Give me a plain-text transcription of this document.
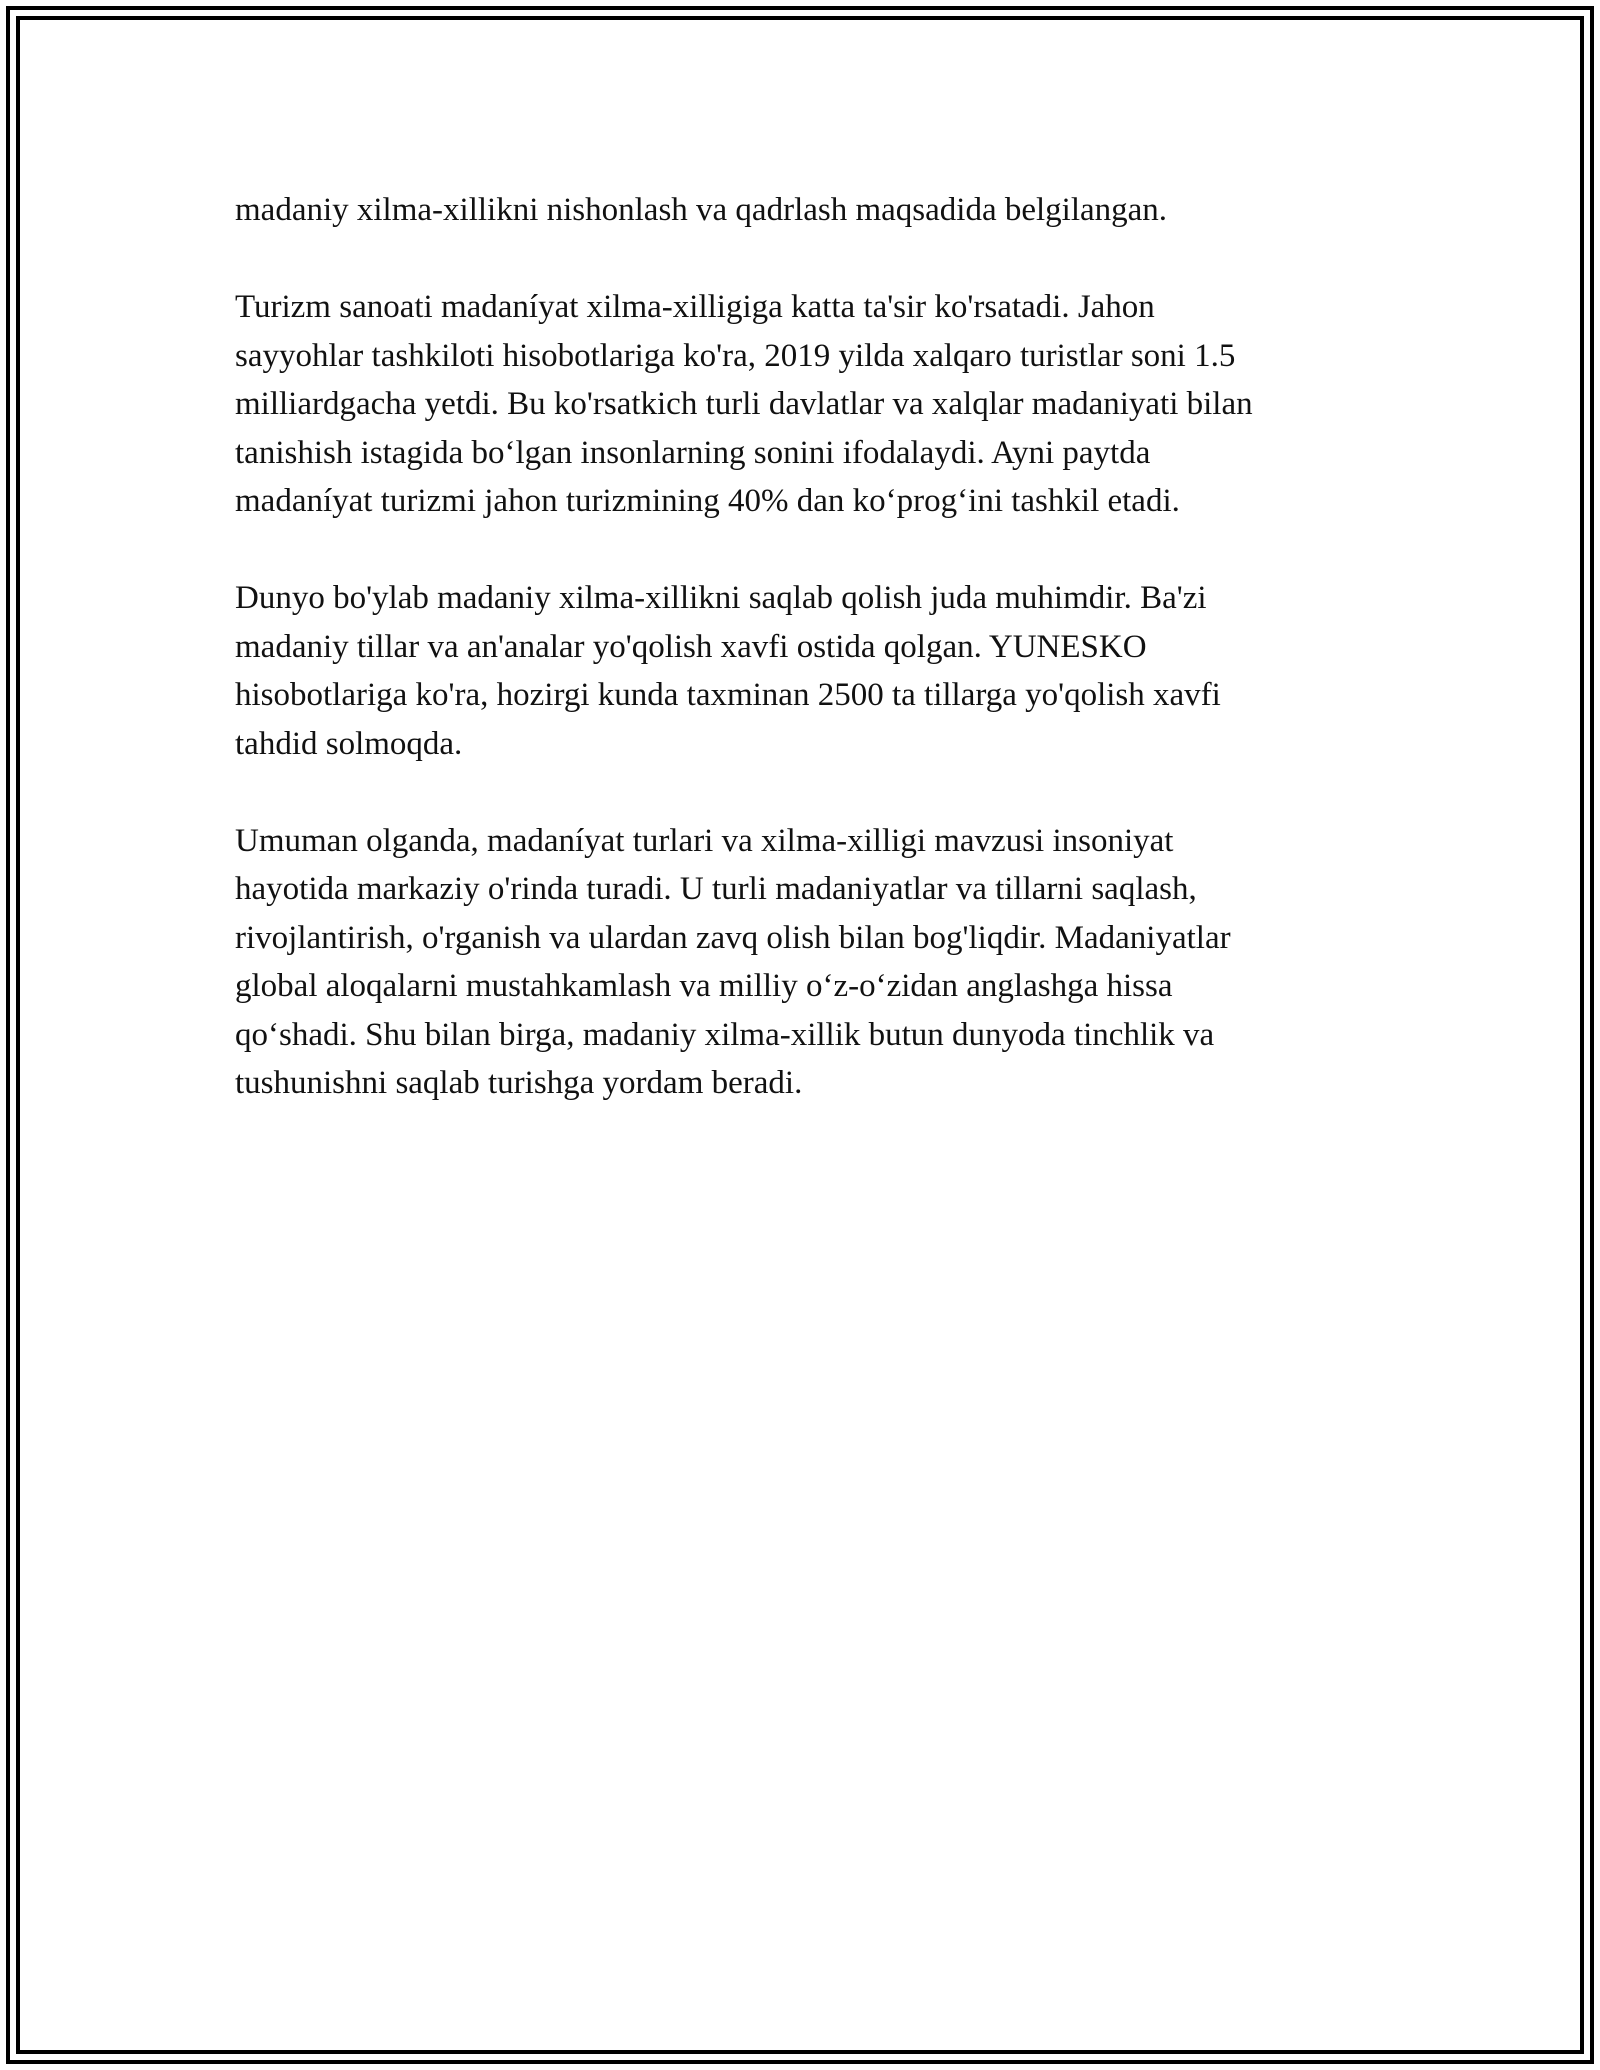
madaniy xilma-xillikni nishonlash va qadrlash maqsadida belgilangan.

Turizm sanoati madaníyat xilma-xilligiga katta ta'sir ko'rsatadi. Jahon
sayyohlar tashkiloti hisobotlariga ko'ra, 2019 yilda xalqaro turistlar soni 1.5
milliardgacha yetdi. Bu ko'rsatkich turli davlatlar va xalqlar madaniyati bilan
tanishish istagida bo‘lgan insonlarning sonini ifodalaydi. Ayni paytda
madaníyat turizmi jahon turizmining 40% dan ko‘prog‘ini tashkil etadi.

Dunyo bo'ylab madaniy xilma-xillikni saqlab qolish juda muhimdir. Ba'zi
madaniy tillar va an'analar yo'qolish xavfi ostida qolgan. YUNESKO
hisobotlariga ko'ra, hozirgi kunda taxminan 2500 ta tillarga yo'qolish xavfi
tahdid solmoqda.

Umuman olganda, madaníyat turlari va xilma-xilligi mavzusi insoniyat
hayotida markaziy o'rinda turadi. U turli madaniyatlar va tillarni saqlash,
rivojlantirish, o'rganish va ulardan zavq olish bilan bog'liqdir. Madaniyatlar
global aloqalarni mustahkamlash va milliy o‘z-o‘zidan anglashga hissa
qo‘shadi. Shu bilan birga, madaniy xilma-xillik butun dunyoda tinchlik va
tushunishni saqlab turishga yordam beradi.
